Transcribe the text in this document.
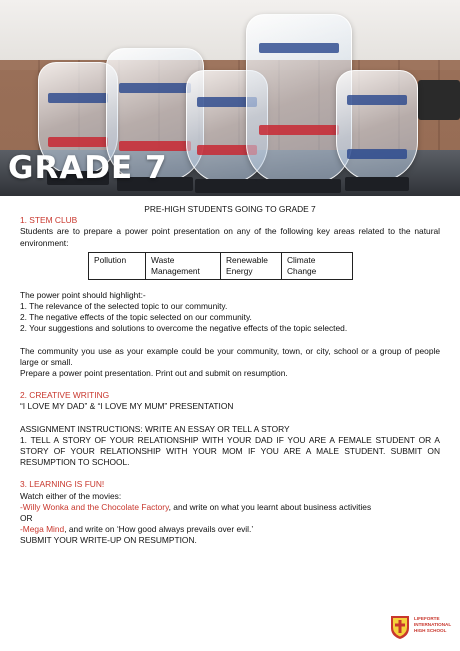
GRADE 7

PRE-HIGH STUDENTS GOING TO GRADE 7

1. STEM CLUB

Students are to prepare a power point presentation on any of the following key areas related to the natural environment:

Pollution	Waste Management	Renewable Energy	Climate Change

The power point should highlight:-

1. The relevance of the selected topic to our community.

2. The negative effects of the topic selected on our community.

2. Your suggestions and solutions to overcome the negative effects of the topic selected.

The community you use as your example could be your community, town, or city, school or a group of people large or small.

Prepare a power point presentation. Print out and submit on resumption.

2. CREATIVE WRITING

“I LOVE MY DAD” & “I LOVE MY MUM” PRESENTATION

ASSIGNMENT INSTRUCTIONS: WRITE AN ESSAY OR TELL A STORY

1. TELL A STORY OF YOUR RELATIONSHIP WITH YOUR DAD IF YOU ARE A FEMALE STUDENT OR A STORY OF YOUR RELATIONSHIP WITH YOUR MOM IF YOU ARE A MALE STUDENT. SUBMIT ON RESUMPTION TO SCHOOL.

3. LEARNING IS FUN!

Watch either of the movies:

-Willy Wonka and the Chocolate Factory, and write on what you learnt about business activities

OR

-Mega Mind, and write on ‘How good always prevails over evil.’

SUBMIT YOUR WRITE-UP ON RESUMPTION.

LIFEFORTE
INTERNATIONAL
HIGH SCHOOL
